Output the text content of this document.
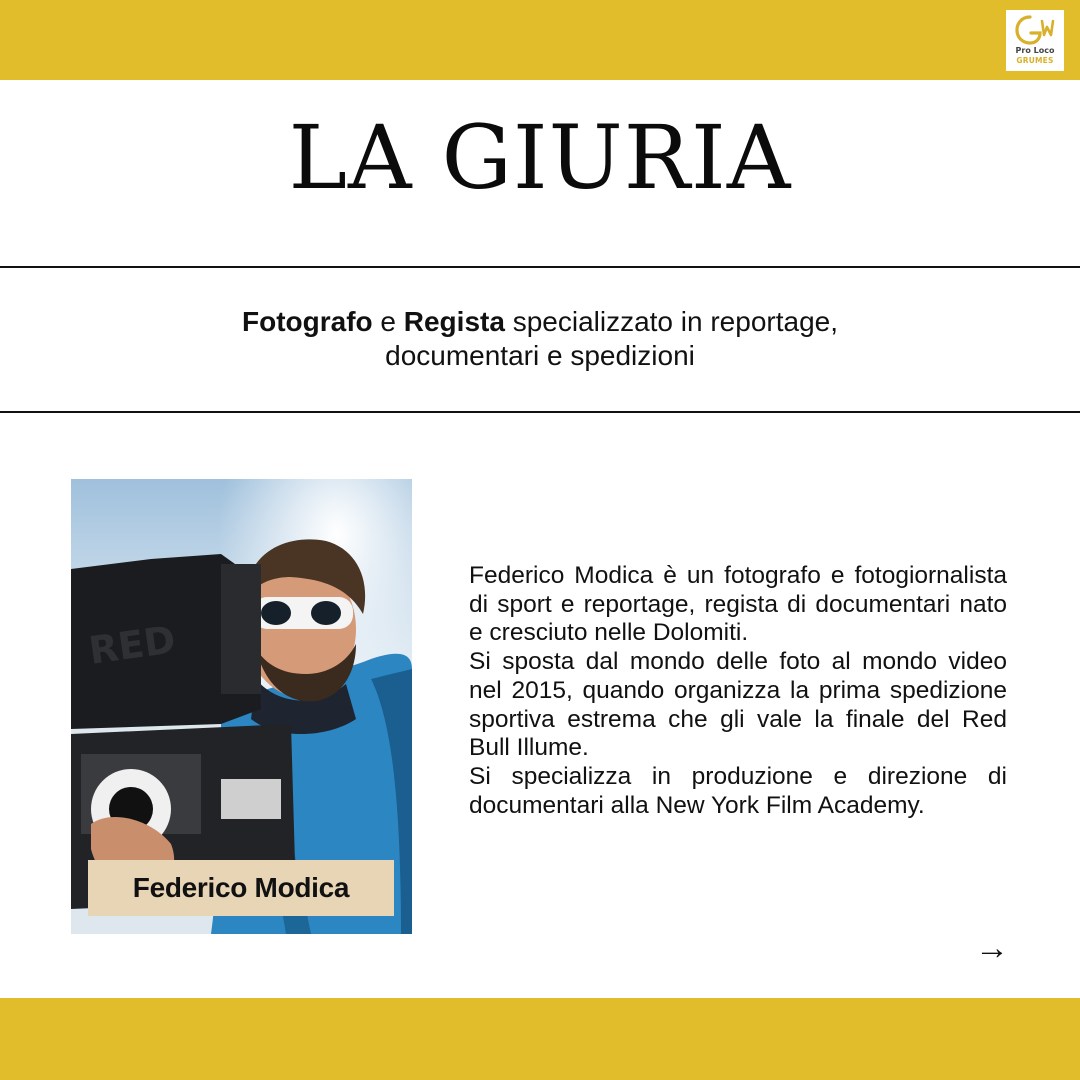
Pro Loco
GRUMES
LA GIURIA
Fotografo e Regista specializzato in reportage,
documentari e spedizioni
RED
Federico Modica

Federico Modica è un fotografo e fotogiornalista di sport e reportage, regista di documentari nato e cresciuto nelle Dolomiti.

Si sposta dal mondo delle foto al mondo video nel 2015, quando organizza la prima spedizione sportiva estrema che gli vale la finale del Red Bull Illume.

Si specializza in produzione e direzione di documentari alla New York Film Academy.

→
